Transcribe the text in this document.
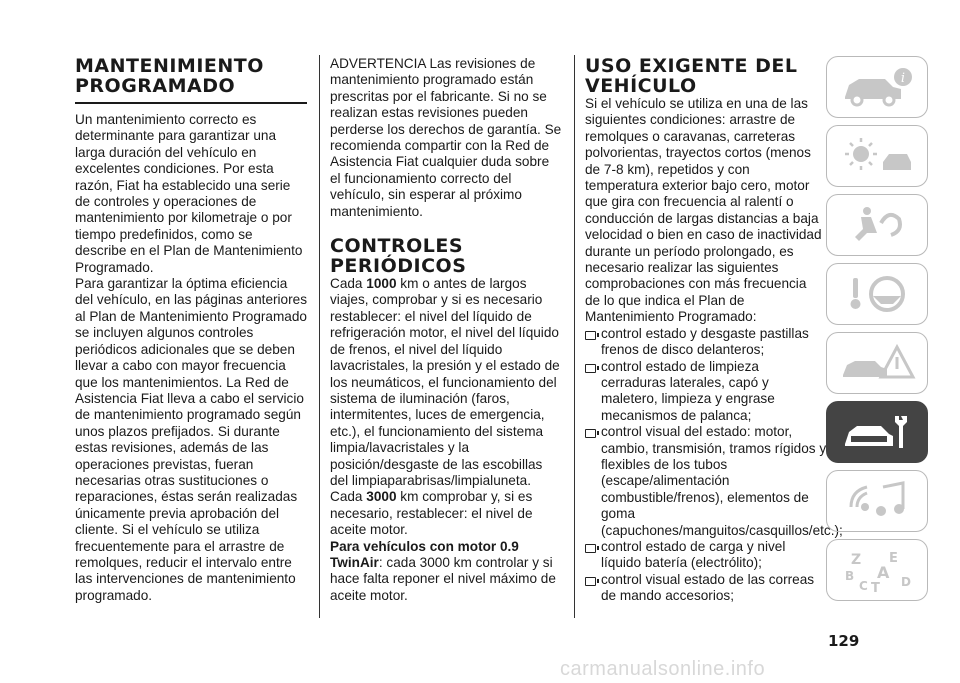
MANTENIMIENTO

PROGRAMADO

Un mantenimiento correcto es determinante para garantizar una larga duración del vehículo en excelentes condiciones. Por esta razón, Fiat ha establecido una serie de controles y operaciones de mantenimiento por kilometraje o por tiempo predefinidos, como se describe en el Plan de Mantenimiento Programado.

Para garantizar la óptima eficiencia del vehículo, en las páginas anteriores al Plan de Mantenimiento Programado se incluyen algunos controles periódicos adicionales que se deben llevar a cabo con mayor frecuencia que los mantenimientos. La Red de Asistencia Fiat lleva a cabo el servicio de mantenimiento programado según unos plazos prefijados. Si durante estas revisiones, además de las operaciones previstas, fueran necesarias otras sustituciones o reparaciones, éstas serán realizadas únicamente previa aprobación del cliente. Si el vehículo se utiliza frecuentemente para el arrastre de remolques, reducir el intervalo entre las intervenciones de mantenimiento programado.

ADVERTENCIA Las revisiones de mantenimiento programado están prescritas por el fabricante. Si no se realizan estas revisiones pueden perderse los derechos de garantía. Se recomienda compartir con la Red de Asistencia Fiat cualquier duda sobre el funcionamiento correcto del vehículo, sin esperar al próximo mantenimiento.

CONTROLES

PERIÓDICOS

Cada 1000 km o antes de largos viajes, comprobar y si es necesario restablecer: el nivel del líquido de refrigeración motor, el nivel del líquido de frenos, el nivel del líquido lavacristales, la presión y el estado de los neumáticos, el funcionamiento del sistema de iluminación (faros, intermitentes, luces de emergencia, etc.), el funcionamiento del sistema limpia/lavacristales y la posición/desgaste de las escobillas del limpiaparabrisas/limpialuneta.

Cada 3000 km comprobar y, si es necesario, restablecer: el nivel de aceite motor.

Para vehículos con motor 0.9 TwinAir: cada 3000 km controlar y si hace falta reponer el nivel máximo de aceite motor.

USO EXIGENTE DEL

VEHÍCULO

Si el vehículo se utiliza en una de las siguientes condiciones: arrastre de remolques o caravanas, carreteras polvorientas, trayectos cortos (menos de 7-8 km), repetidos y con temperatura exterior bajo cero, motor que gira con frecuencia al ralentí o conducción de largas distancias a baja velocidad o bien en caso de inactividad durante un período prolongado, es necesario realizar las siguientes comprobaciones con más frecuencia de lo que indica el Plan de Mantenimiento Programado:

control estado y desgaste pastillas frenos de disco delanteros;
control estado de limpieza cerraduras laterales, capó y maletero, limpieza y engrase mecanismos de palanca;
control visual del estado: motor, cambio, transmisión, tramos rígidos y flexibles de los tubos (escape/alimentación combustible/frenos), elementos de goma (capuchones/manguitos/casquillos/etc.);
control estado de carga y nivel líquido batería (electrólito);
control visual estado de las correas de mando accesorios;
i
Z E
B A
C T D
129
carmanualsonline.info
